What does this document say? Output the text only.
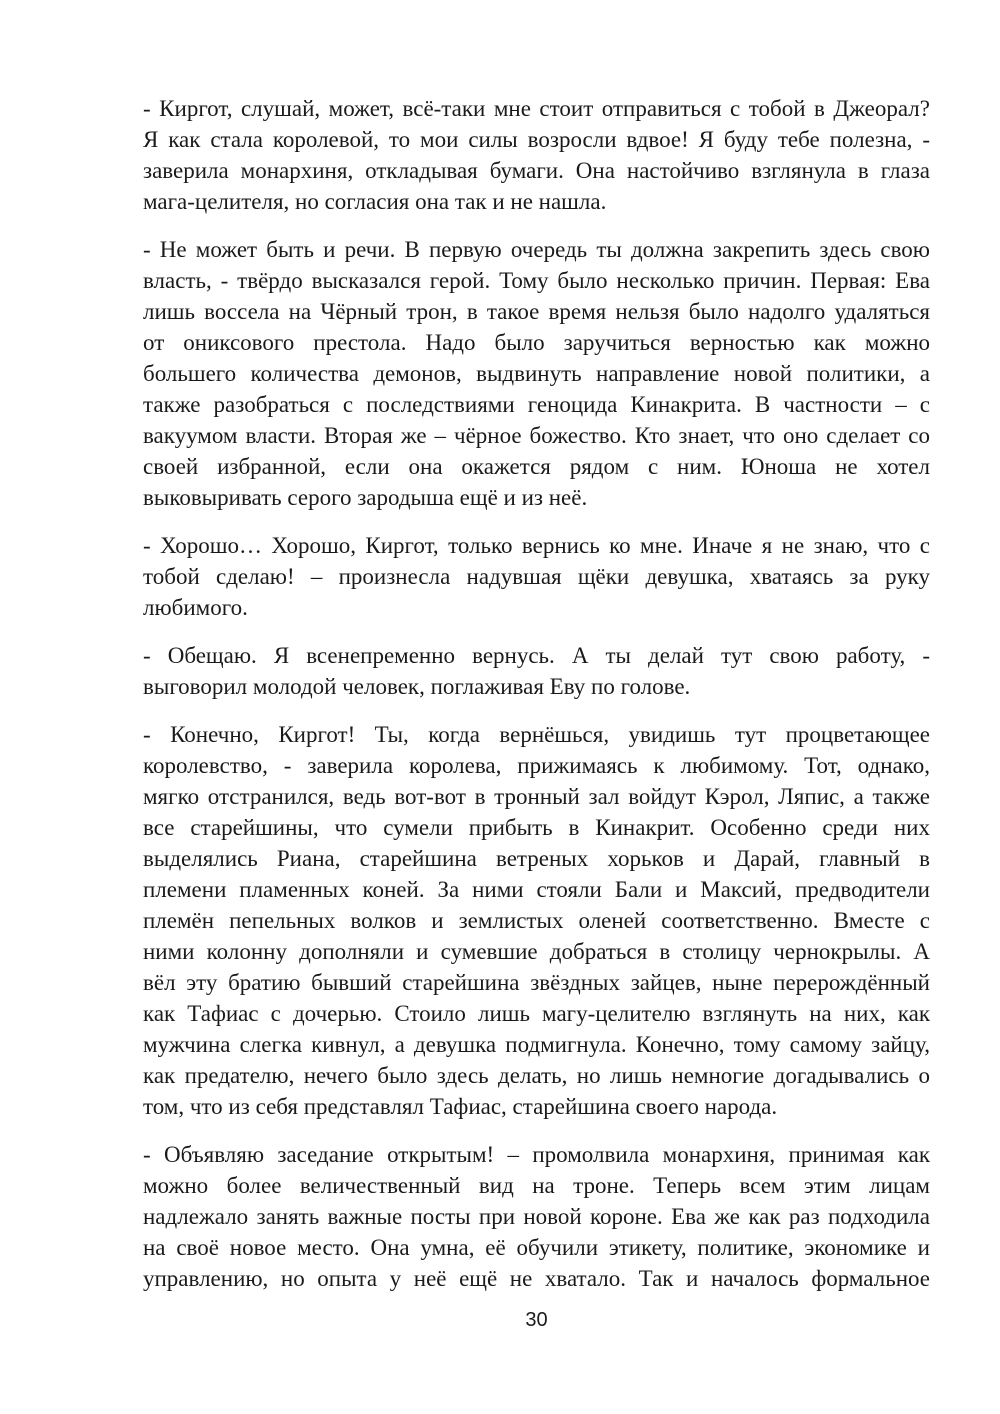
- Киргот, слушай, может, всё-таки мне стоит отправиться с тобой в Джеорал?
Я как стала королевой, то мои силы возросли вдвое! Я буду тебе полезна, -
заверила монархиня, откладывая бумаги. Она настойчиво взглянула в глаза
мага-целителя, но согласия она так и не нашла.
- Не может быть и речи. В первую очередь ты должна закрепить здесь свою
власть, - твёрдо высказался герой. Тому было несколько причин. Первая: Ева
лишь воссела на Чёрный трон, в такое время нельзя было надолго удаляться
от ониксового престола. Надо было заручиться верностью как можно
большего количества демонов, выдвинуть направление новой политики, а
также разобраться с последствиями геноцида Кинакрита. В частности – с
вакуумом власти. Вторая же – чёрное божество. Кто знает, что оно сделает со
своей избранной, если она окажется рядом с ним. Юноша не хотел
выковыривать серого зародыша ещё и из неё.
- Хорошо… Хорошо, Киргот, только вернись ко мне. Иначе я не знаю, что с
тобой сделаю! – произнесла надувшая щёки девушка, хватаясь за руку
любимого.
- Обещаю. Я всенепременно вернусь. А ты делай тут свою работу, -
выговорил молодой человек, поглаживая Еву по голове.
- Конечно, Киргот! Ты, когда вернёшься, увидишь тут процветающее
королевство, - заверила королева, прижимаясь к любимому. Тот, однако,
мягко отстранился, ведь вот-вот в тронный зал войдут Кэрол, Ляпис, а также
все старейшины, что сумели прибыть в Кинакрит. Особенно среди них
выделялись Риана, старейшина ветреных хорьков и Дарай, главный в
племени пламенных коней. За ними стояли Бали и Максий, предводители
племён пепельных волков и землистых оленей соответственно. Вместе с
ними колонну дополняли и сумевшие добраться в столицу чернокрылы. А
вёл эту братию бывший старейшина звёздных зайцев, ныне перерождённый
как Тафиас с дочерью. Стоило лишь магу-целителю взглянуть на них, как
мужчина слегка кивнул, а девушка подмигнула. Конечно, тому самому зайцу,
как предателю, нечего было здесь делать, но лишь немногие догадывались о
том, что из себя представлял Тафиас, старейшина своего народа.
- Объявляю заседание открытым! – промолвила монархиня, принимая как
можно более величественный вид на троне. Теперь всем этим лицам
надлежало занять важные посты при новой короне. Ева же как раз подходила
на своё новое место. Она умна, её обучили этикету, политике, экономике и
управлению, но опыта у неё ещё не хватало. Так и началось формальное
30
